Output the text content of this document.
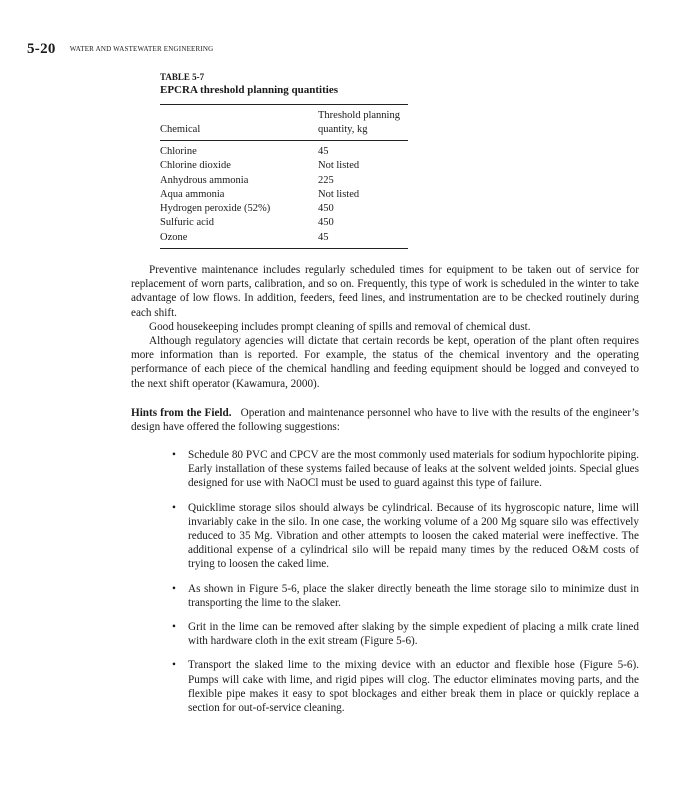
5-20 WATER AND WASTEWATER ENGINEERING
TABLE 5-7
EPCRA threshold planning quantities
Chemical	Threshold planning quantity, kg
Chlorine	45
Chlorine dioxide	Not listed
Anhydrous ammonia	225
Aqua ammonia	Not listed
Hydrogen peroxide (52%)	450
Sulfuric acid	450
Ozone	45

Preventive maintenance includes regularly scheduled times for equipment to be taken out of service for replacement of worn parts, calibration, and so on. Frequently, this type of work is scheduled in the winter to take advantage of low flows. In addition, feeders, feed lines, and instrumentation are to be checked routinely during each shift.

Good housekeeping includes prompt cleaning of spills and removal of chemical dust.

Although regulatory agencies will dictate that certain records be kept, operation of the plant often requires more information than is reported. For example, the status of the chemical inventory and the operating performance of each piece of the chemical handling and feeding equipment should be logged and conveyed to the next shift operator (Kawamura, 2000).

Hints from the Field. Operation and maintenance personnel who have to live with the results of the engineer’s design have offered the following suggestions:
• Schedule 80 PVC and CPCV are the most commonly used materials for sodium hypochlorite piping. Early installation of these systems failed because of leaks at the solvent welded joints. Special glues designed for use with NaOCl must be used to guard against this type of failure.
• Quicklime storage silos should always be cylindrical. Because of its hygroscopic nature, lime will invariably cake in the silo. In one case, the working volume of a 200 Mg square silo was effectively reduced to 35 Mg. Vibration and other attempts to loosen the caked material were ineffective. The additional expense of a cylindrical silo will be repaid many times by the reduced O&M costs of trying to loosen the caked lime.
• As shown in Figure 5-6, place the slaker directly beneath the lime storage silo to minimize dust in transporting the lime to the slaker.
• Grit in the lime can be removed after slaking by the simple expedient of placing a milk crate lined with hardware cloth in the exit stream (Figure 5-6).
• Transport the slaked lime to the mixing device with an eductor and flexible hose (Figure 5-6). Pumps will cake with lime, and rigid pipes will clog. The eductor eliminates moving parts, and the flexible pipe makes it easy to spot blockages and either break them in place or quickly replace a section for out-of-service cleaning.
